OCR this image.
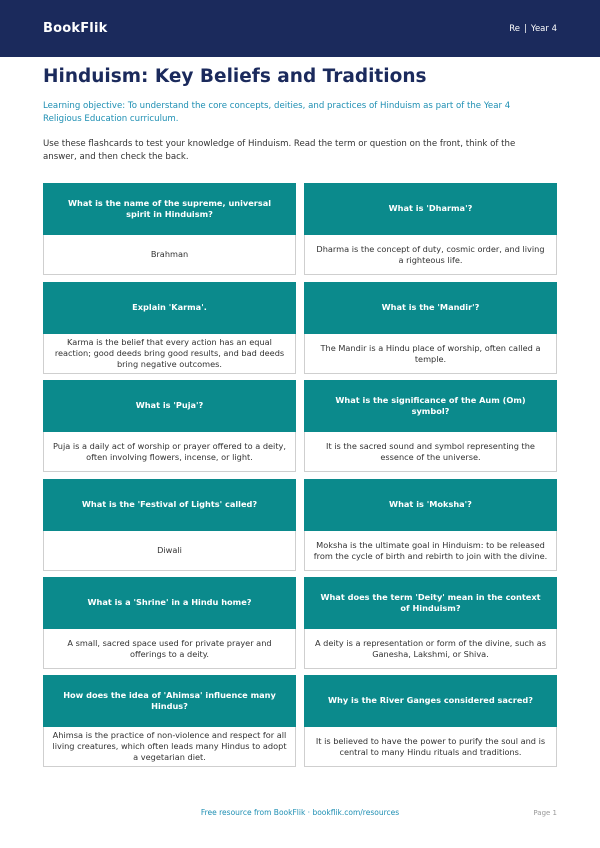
BookFlik	Re | Year 4
Hinduism: Key Beliefs and Traditions

Learning objective: To understand the core concepts, deities, and practices of Hinduism as part of the Year 4 Religious Education curriculum.

Use these flashcards to test your knowledge of Hinduism. Read the term or question on the front, think of the answer, and then check the back.

What is the name of the supreme, universal spirit in Hinduism?
Brahman
What is 'Dharma'?
Dharma is the concept of duty, cosmic order, and living a righteous life.
Explain 'Karma'.
Karma is the belief that every action has an equal reaction; good deeds bring good results, and bad deeds bring negative outcomes.
What is the 'Mandir'?
The Mandir is a Hindu place of worship, often called a temple.
What is 'Puja'?
Puja is a daily act of worship or prayer offered to a deity, often involving flowers, incense, or light.
What is the significance of the Aum (Om) symbol?
It is the sacred sound and symbol representing the essence of the universe.
What is the 'Festival of Lights' called?
Diwali
What is 'Moksha'?
Moksha is the ultimate goal in Hinduism: to be released from the cycle of birth and rebirth to join with the divine.
What is a 'Shrine' in a Hindu home?
A small, sacred space used for private prayer and offerings to a deity.
What does the term 'Deity' mean in the context of Hinduism?
A deity is a representation or form of the divine, such as Ganesha, Lakshmi, or Shiva.
How does the idea of 'Ahimsa' influence many Hindus?
Ahimsa is the practice of non-violence and respect for all living creatures, which often leads many Hindus to adopt a vegetarian diet.
Why is the River Ganges considered sacred?
It is believed to have the power to purify the soul and is central to many Hindu rituals and traditions.
Free resource from BookFlik · bookflik.com/resources	Page 1
